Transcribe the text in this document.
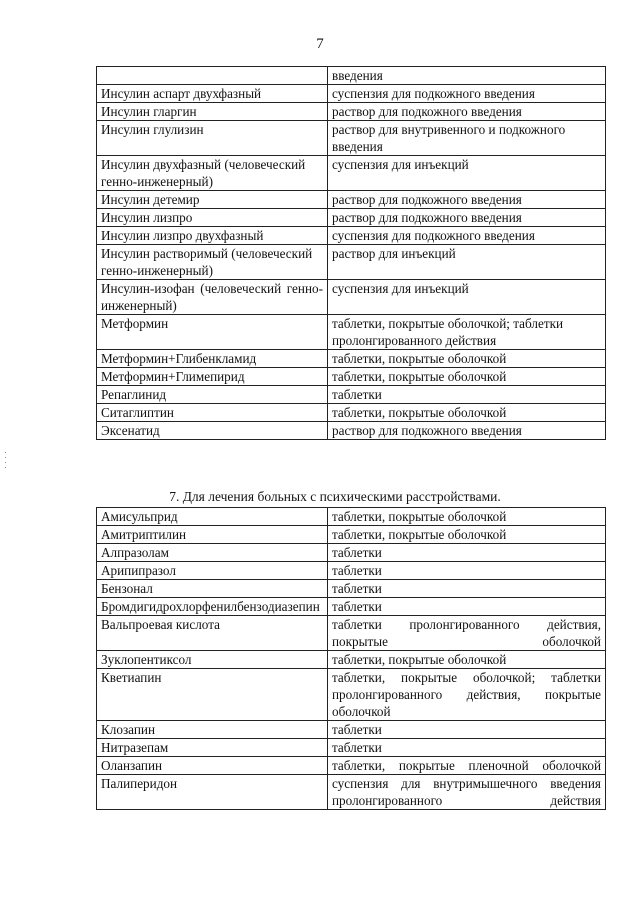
7
	введения
Инсулин аспарт двухфазный	суспензия для подкожного введения
Инсулин гларгин	раствор для подкожного введения
Инсулин глулизин	раствор для внутривенного и подкожного введения
Инсулин двухфазный (человеческий генно-инженерный)	суспензия для инъекций
Инсулин детемир	раствор для подкожного введения
Инсулин лизпро	раствор для подкожного введения
Инсулин лизпро двухфазный	суспензия для подкожного введения
Инсулин растворимый (человеческий генно-инженерный)	раствор для инъекций
Инсулин-изофан (человеческий генно-инженерный)	суспензия для инъекций
Метформин	таблетки, покрытые оболочкой; таблетки пролонгированного действия
Метформин+Глибенкламид	таблетки, покрытые оболочкой
Метформин+Глимепирид	таблетки, покрытые оболочкой
Репаглинид	таблетки
Ситаглиптин	таблетки, покрытые оболочкой
Эксенатид	раствор для подкожного введения
7. Для лечения больных с психическими расстройствами.
Амисульприд	таблетки, покрытые оболочкой
Амитриптилин	таблетки, покрытые оболочкой
Алпразолам	таблетки
Арипипразол	таблетки
Бензонал	таблетки
Бромдигидрохлорфенилбензодиазепин	таблетки
Вальпроевая кислота	таблетки пролонгированного действия, покрытые оболочкой
Зуклопентиксол	таблетки, покрытые оболочкой
Кветиапин	таблетки, покрытые оболочкой; таблетки пролонгированного действия, покрытые оболочкой
Клозапин	таблетки
Нитразепам	таблетки
Оланзапин	таблетки, покрытые пленочной оболочкой
Палиперидон	суспензия для внутримышечного введения пролонгированного действия
